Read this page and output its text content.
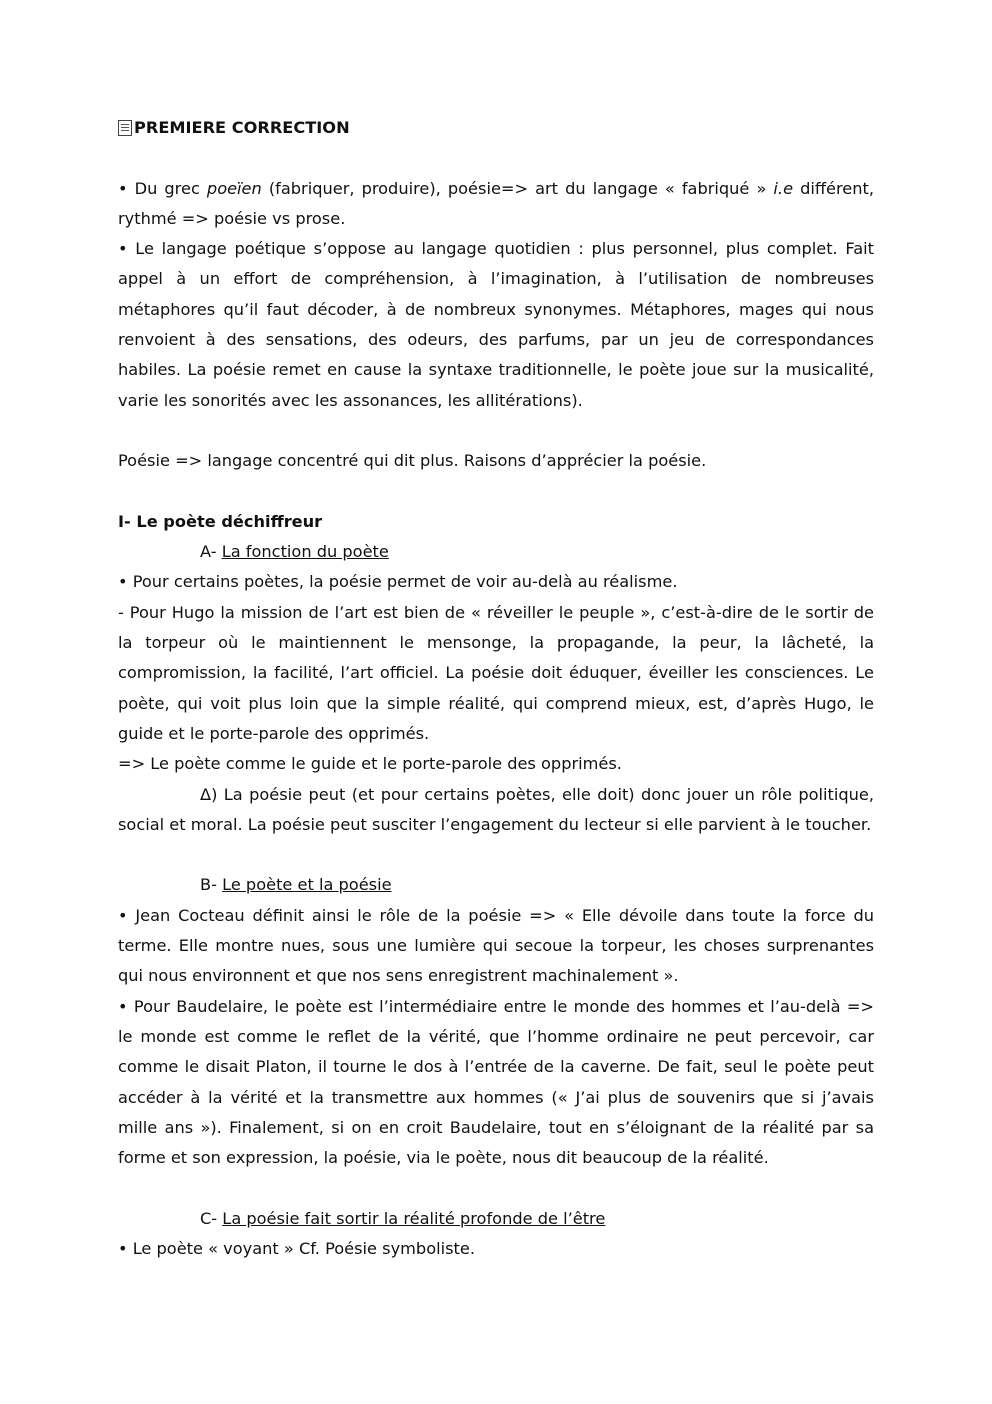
PREMIERE CORRECTION

• Du grec poeïen (fabriquer, produire), poésie=> art du langage « fabriqué » i.e différent, rythmé => poésie vs prose.

• Le langage poétique s’oppose au langage quotidien : plus personnel, plus complet. Fait appel à un effort de compréhension, à l’imagination, à l’utilisation de nombreuses métaphores qu’il faut décoder, à de nombreux synonymes. Métaphores, mages qui nous renvoient à des sensations, des odeurs, des parfums, par un jeu de correspondances habiles. La poésie remet en cause la syntaxe traditionnelle, le poète joue sur la musicalité, varie les sonorités avec les assonances, les allitérations).

Poésie => langage concentré qui dit plus. Raisons d’apprécier la poésie.

I- Le poète déchiffreur

A- La fonction du poète

• Pour certains poètes, la poésie permet de voir au-delà au réalisme.

- Pour Hugo la mission de l’art est bien de « réveiller le peuple », c’est-à-dire de le sortir de la torpeur où le maintiennent le mensonge, la propagande, la peur, la lâcheté, la compromission, la facilité, l’art officiel. La poésie doit éduquer, éveiller les consciences. Le poète, qui voit plus loin que la simple réalité, qui comprend mieux, est, d’après Hugo, le guide et le porte-parole des opprimés.

=> Le poète comme le guide et le porte-parole des opprimés.

Δ) La poésie peut (et pour certains poètes, elle doit) donc jouer un rôle politique, social et moral. La poésie peut susciter l’engagement du lecteur si elle parvient à le toucher.

B- Le poète et la poésie

• Jean Cocteau définit ainsi le rôle de la poésie => « Elle dévoile dans toute la force du terme. Elle montre nues, sous une lumière qui secoue la torpeur, les choses surprenantes qui nous environnent et que nos sens enregistrent machinalement ».

• Pour Baudelaire, le poète est l’intermédiaire entre le monde des hommes et l’au-delà => le monde est comme le reflet de la vérité, que l’homme ordinaire ne peut percevoir, car comme le disait Platon, il tourne le dos à l’entrée de la caverne. De fait, seul le poète peut accéder à la vérité et la transmettre aux hommes (« J’ai plus de souvenirs que si j’avais mille ans »). Finalement, si on en croit Baudelaire, tout en s’éloignant de la réalité par sa forme et son expression, la poésie, via le poète, nous dit beaucoup de la réalité.

C- La poésie fait sortir la réalité profonde de l’être

• Le poète « voyant » Cf. Poésie symboliste.
